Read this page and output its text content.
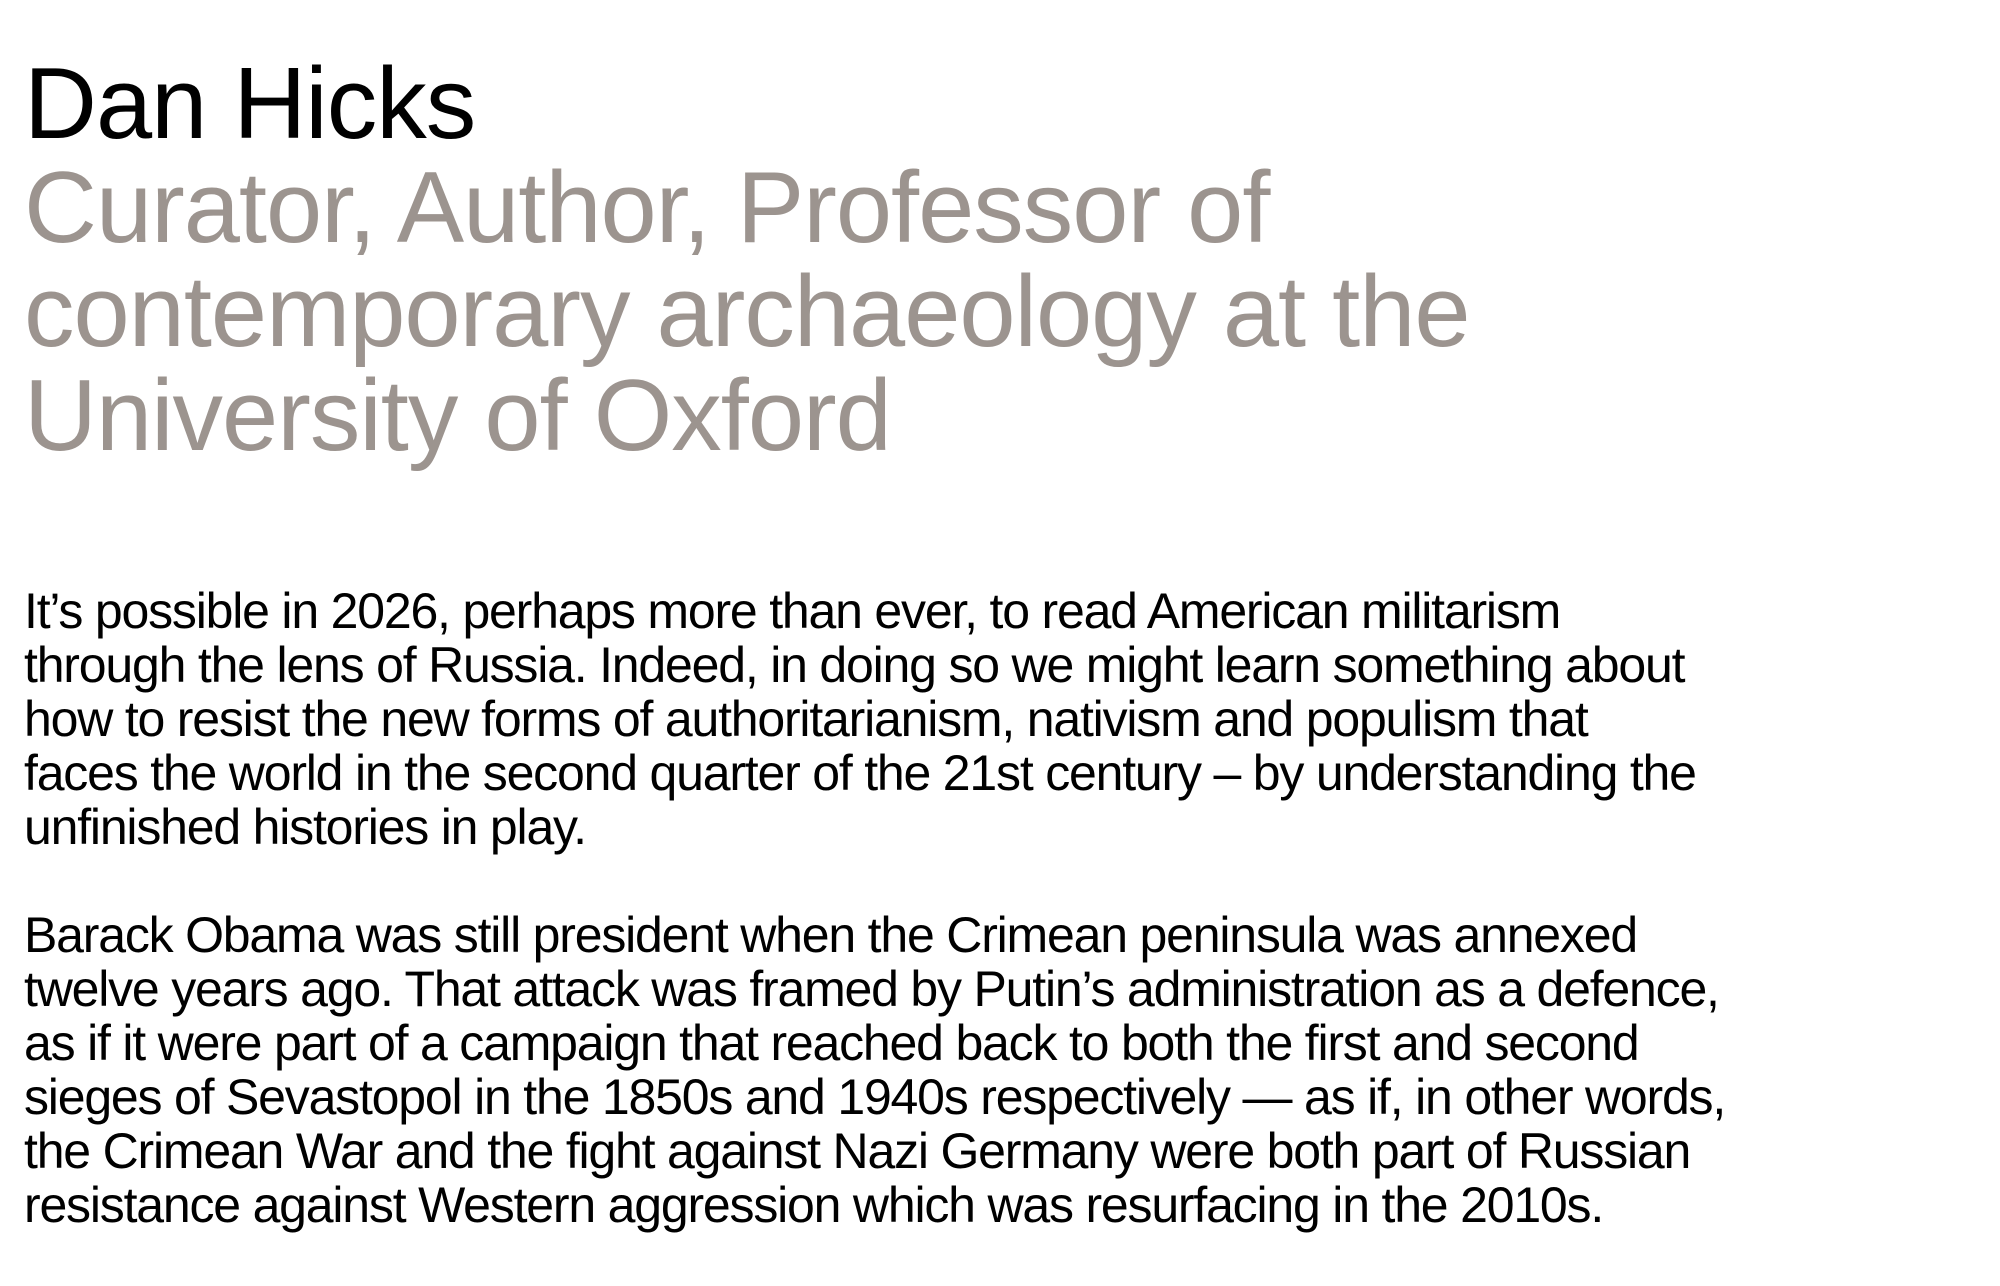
Dan Hicks
Curator, Author, Professor of
contemporary archaeology at the
University of Oxford

It’s possible in 2026, perhaps more than ever, to read American militarism
through the lens of Russia. Indeed, in doing so we might learn something about
how to resist the new forms of authoritarianism, nativism and populism that
faces the world in the second quarter of the 21st century – by understanding the
unfinished histories in play.

Barack Obama was still president when the Crimean peninsula was annexed
twelve years ago. That attack was framed by Putin’s administration as a defence,
as if it were part of a campaign that reached back to both the first and second
sieges of Sevastopol in the 1850s and 1940s respectively — as if, in other words,
the Crimean War and the fight against Nazi Germany were both part of Russian
resistance against Western aggression which was resurfacing in the 2010s.
